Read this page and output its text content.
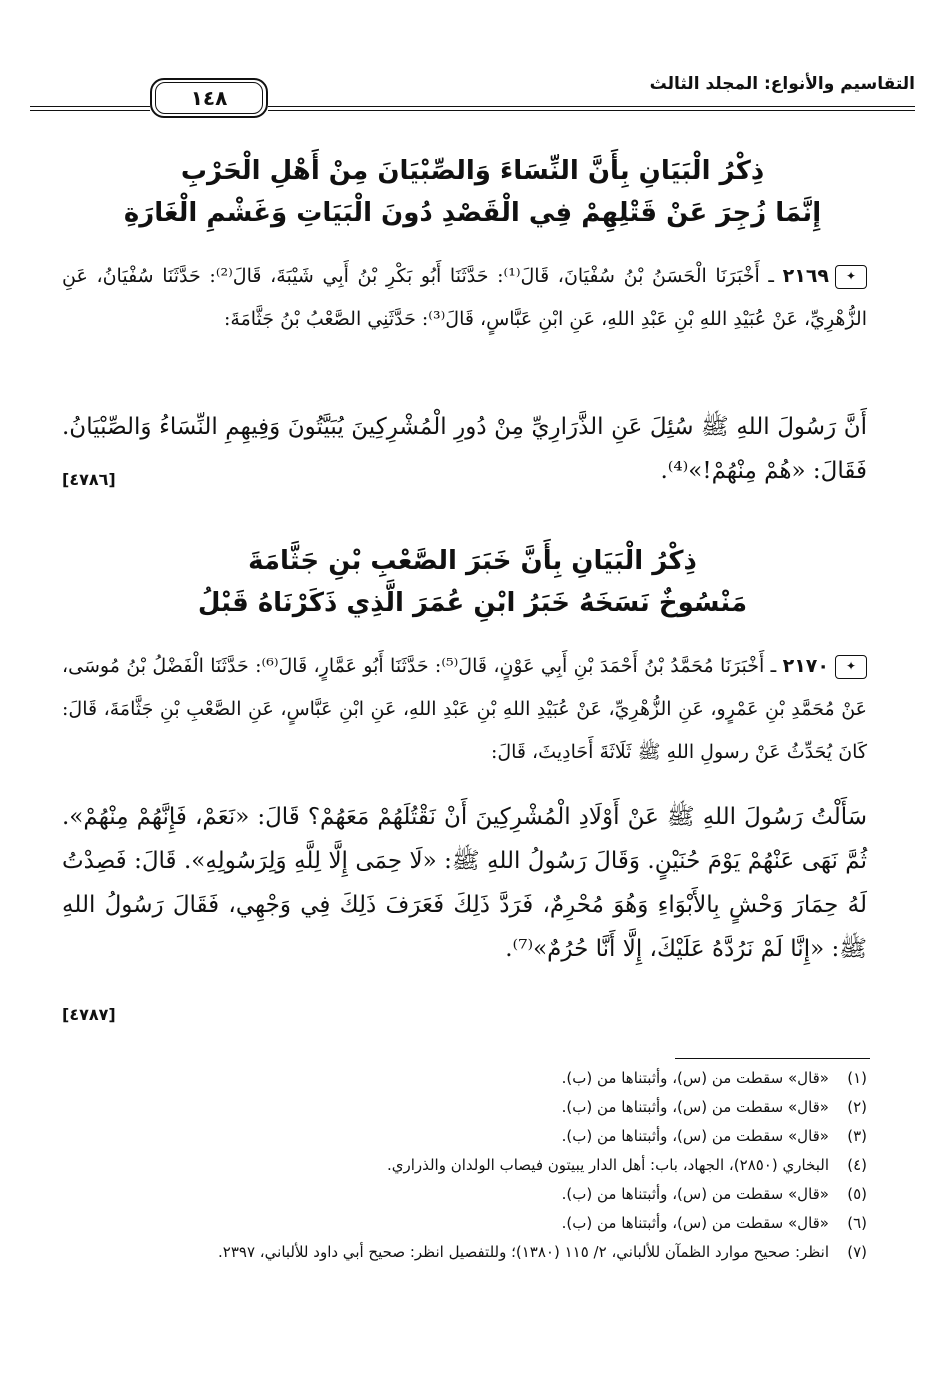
التقاسيم والأنواع: المجلد الثالث
١٤٨
ذِكْرُ الْبَيَانِ بِأَنَّ النِّسَاءَ وَالصِّبْيَانَ مِنْ أَهْلِ الْحَرْبِ
إِنَّمَا زُجِرَ عَنْ قَتْلِهِمْ فِي الْقَصْدِ دُونَ الْبَيَاتِ وَغَشْمِ الْغَارَةِ
✦٢١٦٩ ـ أَخْبَرَنَا الْحَسَنُ بْنُ سُفْيَانَ، قَالَ⁽¹⁾: حَدَّثَنَا أَبُو بَكْرِ بْنُ أَبِي شَيْبَةَ، قَالَ⁽²⁾: حَدَّثَنَا سُفْيَانُ، عَنِ الزُّهْرِيِّ، عَنْ عُبَيْدِ اللهِ بْنِ عَبْدِ اللهِ، عَنِ ابْنِ عَبَّاسٍ، قَالَ⁽³⁾: حَدَّثَنِي الصَّعْبُ بْنُ جَثَّامَةَ:
أَنَّ رَسُولَ اللهِ ﷺ سُئِلَ عَنِ الذَّرَارِيِّ مِنْ دُورِ الْمُشْرِكِينَ يُبَيَّتُونَ وَفِيهِمِ النِّسَاءُ وَالصِّبْيَانُ. فَقَالَ: «هُمْ مِنْهُمْ!»⁽⁴⁾.
[٤٧٨٦]
ذِكْرُ الْبَيَانِ بِأَنَّ خَبَرَ الصَّعْبِ بْنِ جَثَّامَةَ
مَنْسُوخٌ نَسَخَهُ خَبَرُ ابْنِ عُمَرَ الَّذِي ذَكَرْنَاهُ قَبْلُ
✦٢١٧٠ ـ أَخْبَرَنَا مُحَمَّدُ بْنُ أَحْمَدَ بْنِ أَبِي عَوْنٍ، قَالَ⁽⁵⁾: حَدَّثَنَا أَبُو عَمَّارٍ، قَالَ⁽⁶⁾: حَدَّثَنَا الْفَضْلُ بْنُ مُوسَى، عَنْ مُحَمَّدِ بْنِ عَمْرٍو، عَنِ الزُّهْرِيِّ، عَنْ عُبَيْدِ اللهِ بْنِ عَبْدِ اللهِ، عَنِ ابْنِ عَبَّاسٍ، عَنِ الصَّعْبِ بْنِ جَثَّامَةَ، قَالَ: كَانَ يُحَدِّثُ عَنْ رسولِ اللهِ ﷺ ثَلَاثَةَ أَحَادِيثَ، قَالَ:
سَأَلْتُ رَسُولَ اللهِ ﷺ عَنْ أَوْلَادِ الْمُشْرِكِينَ أَنْ نَقْتُلَهُمْ مَعَهُمْ؟ قَالَ: «نَعَمْ، فَإِنَّهُمْ مِنْهُمْ». ثُمَّ نَهَى عَنْهُمْ يَوْمَ حُنَيْنٍ. وَقَالَ رَسُولُ اللهِ ﷺ: «لَا حِمَى إِلَّا لِلَّهِ وَلِرَسُولِهِ». قَالَ: فَصِدْتُ لَهُ حِمَارَ وَحْشٍ بِالأَبْوَاءِ وَهُوَ مُحْرِمٌ، فَرَدَّ ذَلِكَ فَعَرَفَ ذَلِكَ فِي وَجْهِي، فَقَالَ رَسُولُ اللهِ ﷺ: «إِنَّا لَمْ نَرُدَّهُ عَلَيْكَ، إِلَّا أَنَّا حُرُمٌ»⁽⁷⁾.
[٤٧٨٧]
(١)
«قال» سقطت من (س)، وأثبتناها من (ب).
(٢)
«قال» سقطت من (س)، وأثبتناها من (ب).
(٣)
«قال» سقطت من (س)، وأثبتناها من (ب).
(٤)
البخاري (٢٨٥٠)، الجهاد، باب: أهل الدار يبيتون فيصاب الولدان والذراري.
(٥)
«قال» سقطت من (س)، وأثبتناها من (ب).
(٦)
«قال» سقطت من (س)، وأثبتناها من (ب).
(٧)
انظر: صحيح موارد الظمآن للألباني، ٢/ ١١٥ (١٣٨٠)؛ وللتفصيل انظر: صحيح أبي داود للألباني، ٢٣٩٧.
